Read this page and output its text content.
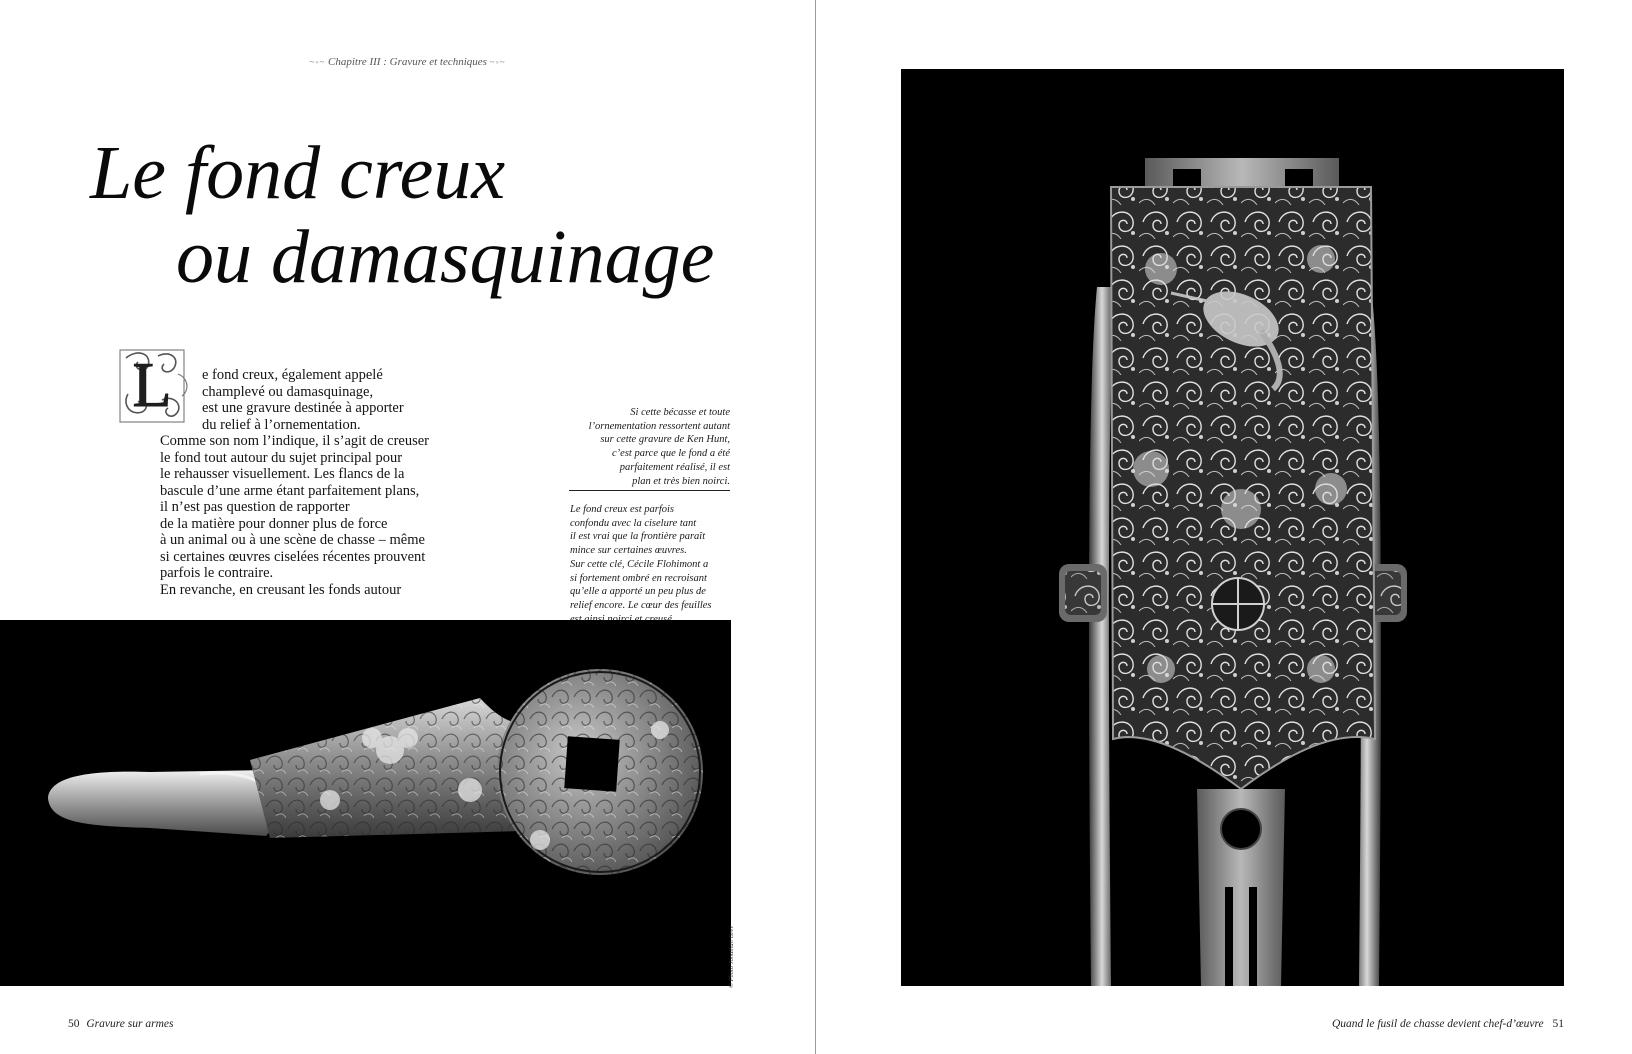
~◦~ Chapitre III : Gravure et techniques ~◦~
Le fond creux
ou damasquinage
L e fond creux, également appelé
champlevé ou damasquinage,
est une gravure destinée à apporter
du relief à l’ornementation.
Comme son nom l’indique, il s’agit de creuser
le fond tout autour du sujet principal pour
le rehausser visuellement. Les flancs de la
bascule d’une arme étant parfaitement plans,
il n’est pas question de rapporter
de la matière pour donner plus de force
à un animal ou à une scène de chasse – même
si certaines œuvres ciselées récentes prouvent
parfois le contraire.
En revanche, en creusant les fonds autour
Si cette bécasse et toute
l’ornementation ressortent autant
sur cette gravure de Ken Hunt,
c’est parce que le fond a été
parfaitement réalisé, il est
plan et très bien noirci.
Le fond creux est parfois
confondu avec la ciselure tant
il est vrai que la frontière paraît
mince sur certaines œuvres.
Sur cette clé, Cécile Flohimont a
si fortement ombré en recroisant
qu’elle a apporté un peu plus de
relief encore. Le cœur des feuilles
© Photo Jonathan Grev
50 Gravure sur armes	Quand le fusil de chasse devient chef-d’œuvre 51
